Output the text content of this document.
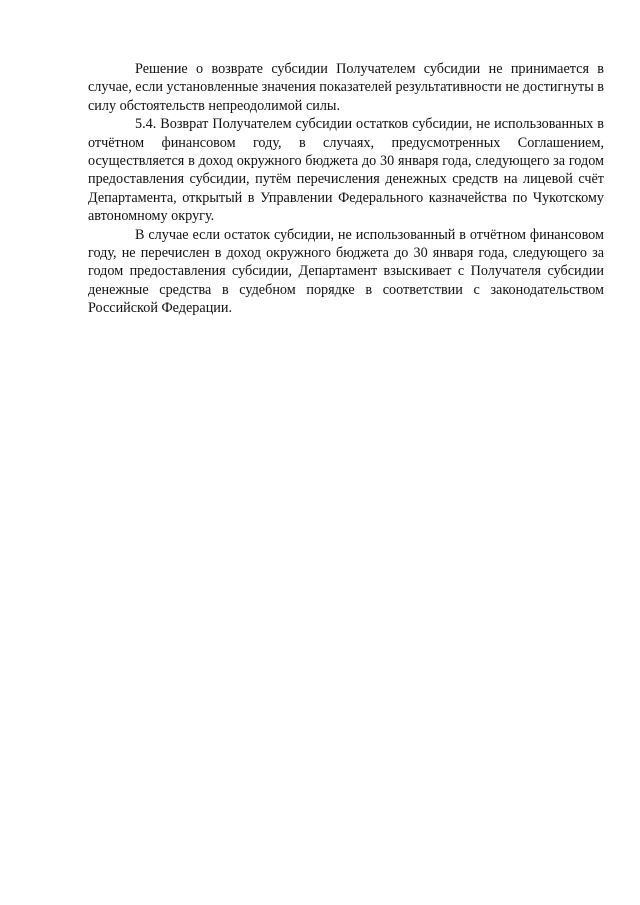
Решение о возврате субсидии Получателем субсидии не принимается в случае, если установленные значения показателей результативности не достигнуты в силу обстоятельств непреодолимой силы.

5.4. Возврат Получателем субсидии остатков субсидии, не использованных в отчётном финансовом году, в случаях, предусмотренных Соглашением, осуществляется в доход окружного бюджета до 30 января года, следующего за годом предоставления субсидии, путём перечисления денежных средств на лицевой счёт Департамента, открытый в Управлении Федерального казначейства по Чукотскому автономному округу.

В случае если остаток субсидии, не использованный в отчётном финансовом году, не перечислен в доход окружного бюджета до 30 января года, следующего за годом предоставления субсидии, Департамент взыскивает с Получателя субсидии денежные средства в судебном порядке в соответствии с законодательством Российской Федерации.
